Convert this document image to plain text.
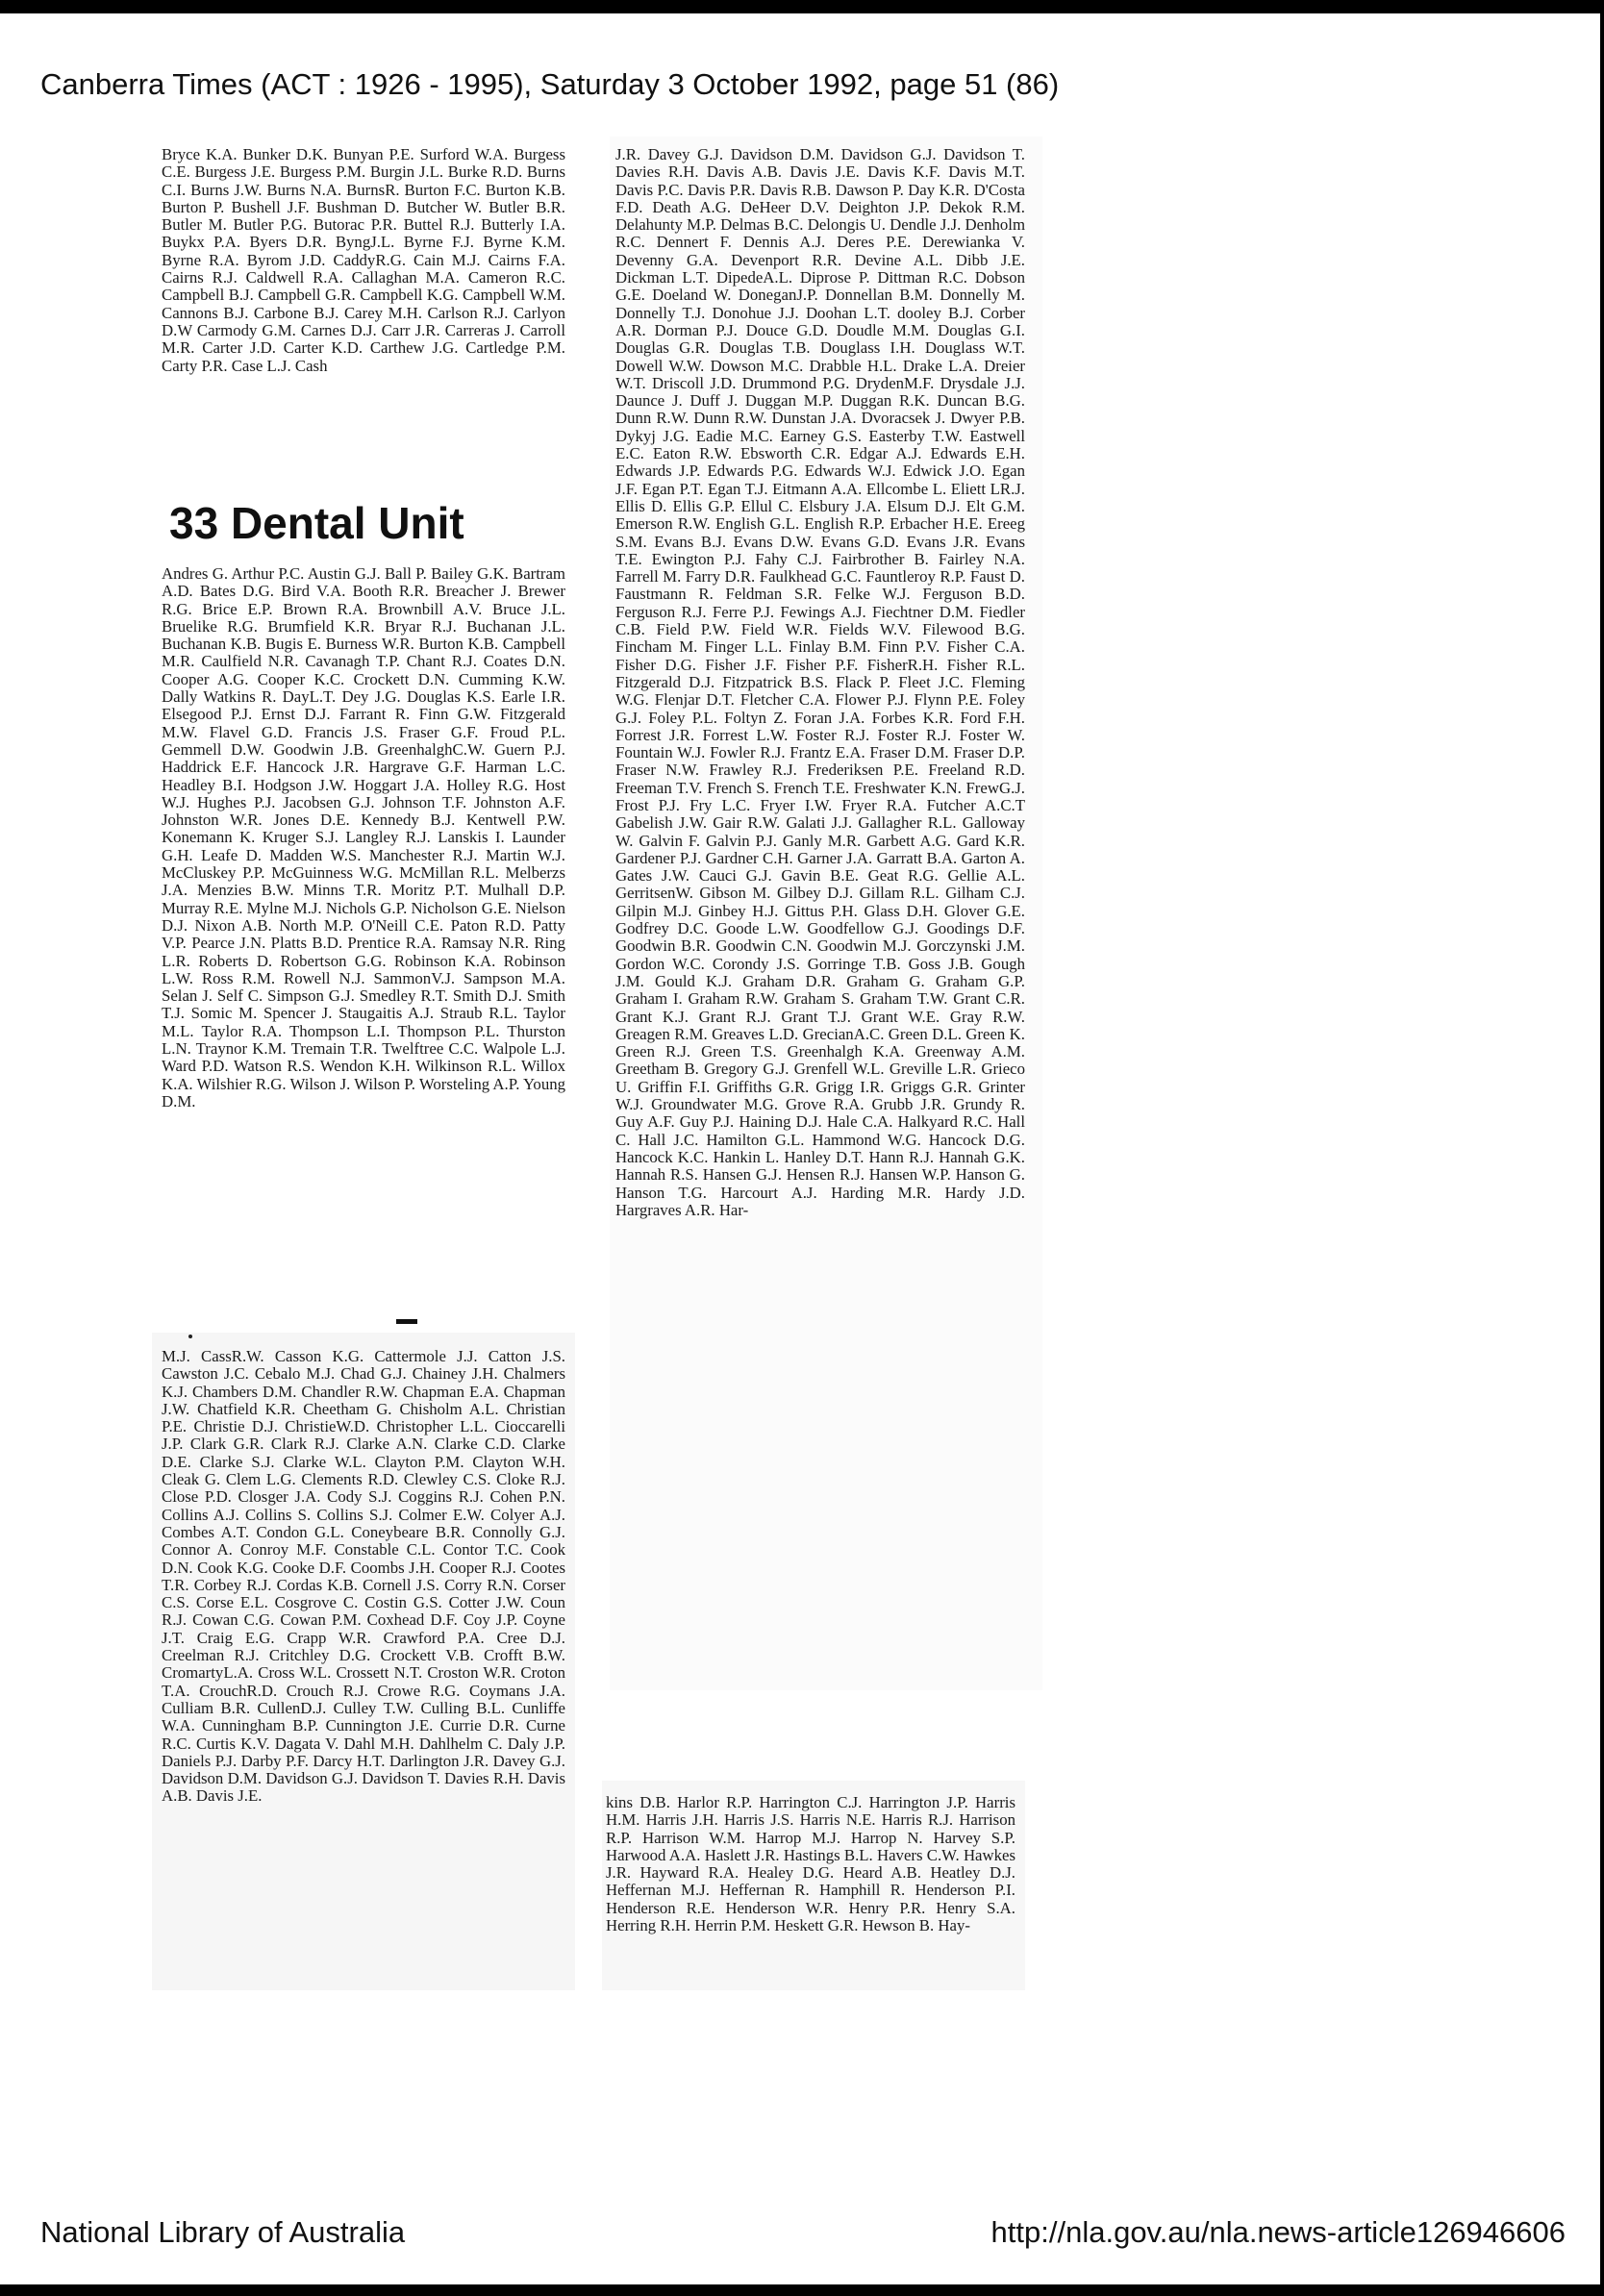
Canberra Times (ACT : 1926 - 1995), Saturday 3 October 1992, page 51 (86)

Bryce K.A. Bunker D.K. Bunyan P.E. Surford W.A. Burgess C.E. Burgess J.E. Burgess P.M. Burgin J.L. Burke R.D. Burns C.I. Burns J.W. Burns N.A. BurnsR. Burton F.C. Burton K.B. Burton P. Bushell J.F. Bushman D. Butcher W. Butler B.R. Butler M. Butler P.G. Butorac P.R. Buttel R.J. Butterly I.A. Buykx P.A. Byers D.R. ByngJ.L. Byrne F.J. Byrne K.M. Byrne R.A. Byrom J.D. CaddyR.G. Cain M.J. Cairns F.A. Cairns R.J. Caldwell R.A. Callaghan M.A. Cameron R.C. Campbell B.J. Campbell G.R. Campbell K.G. Campbell W.M. Cannons B.J. Carbone B.J. Carey M.H. Carlson R.J. Carlyon D.W Carmody G.M. Carnes D.J. Carr J.R. Carreras J. Carroll M.R. Carter J.D. Carter K.D. Carthew J.G. Cartledge P.M. Carty P.R. Case L.J. Cash

33 Dental Unit

Andres G. Arthur P.C. Austin G.J. Ball P. Bailey G.K. Bartram A.D. Bates D.G. Bird V.A. Booth R.R. Breacher J. Brewer R.G. Brice E.P. Brown R.A. Brownbill A.V. Bruce J.L. Bruelike R.G. Brumfield K.R. Bryar R.J. Buchanan J.L. Buchanan K.B. Bugis E. Burness W.R. Burton K.B. Campbell M.R. Caulfield N.R. Cavanagh T.P. Chant R.J. Coates D.N. Cooper A.G. Cooper K.C. Crockett D.N. Cumming K.W. Dally Watkins R. DayL.T. Dey J.G. Douglas K.S. Earle I.R. Elsegood P.J. Ernst D.J. Farrant R. Finn G.W. Fitzgerald M.W. Flavel G.D. Francis J.S. Fraser G.F. Froud P.L. Gemmell D.W. Goodwin J.B. GreenhalghC.W. Guern P.J. Haddrick E.F. Hancock J.R. Hargrave G.F. Harman L.C. Headley B.I. Hodgson J.W. Hoggart J.A. Holley R.G. Host W.J. Hughes P.J. Jacobsen G.J. Johnson T.F. Johnston A.F. Johnston W.R. Jones D.E. Kennedy B.J. Kentwell P.W. Konemann K. Kruger S.J. Langley R.J. Lanskis I. Launder G.H. Leafe D. Madden W.S. Manchester R.J. Martin W.J. McCluskey P.P. McGuinness W.G. McMillan R.L. Melberzs J.A. Menzies B.W. Minns T.R. Moritz P.T. Mulhall D.P. Murray R.E. Mylne M.J. Nichols G.P. Nicholson G.E. Nielson D.J. Nixon A.B. North M.P. O'Neill C.E. Paton R.D. Patty V.P. Pearce J.N. Platts B.D. Prentice R.A. Ramsay N.R. Ring L.R. Roberts D. Robertson G.G. Robinson K.A. Robinson L.W. Ross R.M. Rowell N.J. SammonV.J. Sampson M.A. Selan J. Self C. Simpson G.J. Smedley R.T. Smith D.J. Smith T.J. Somic M. Spencer J. Staugaitis A.J. Straub R.L. Taylor M.L. Taylor R.A. Thompson L.I. Thompson P.L. Thurston L.N. Traynor K.M. Tremain T.R. Twelftree C.C. Walpole L.J. Ward P.D. Watson R.S. Wendon K.H. Wilkinson R.L. Willox K.A. Wilshier R.G. Wilson J. Wilson P. Worsteling A.P. Young D.M.

M.J. CassR.W. Casson K.G. Cattermole J.J. Catton J.S. Cawston J.C. Cebalo M.J. Chad G.J. Chainey J.H. Chalmers K.J. Chambers D.M. Chandler R.W. Chapman E.A. Chapman J.W. Chatfield K.R. Cheetham G. Chisholm A.L. Christian P.E. Christie D.J. ChristieW.D. Christopher L.L. Cioccarelli J.P. Clark G.R. Clark R.J. Clarke A.N. Clarke C.D. Clarke D.E. Clarke S.J. Clarke W.L. Clayton P.M. Clayton W.H. Cleak G. Clem L.G. Clements R.D. Clewley C.S. Cloke R.J. Close P.D. Closger J.A. Cody S.J. Coggins R.J. Cohen P.N. Collins A.J. Collins S. Collins S.J. Colmer E.W. Colyer A.J. Combes A.T. Condon G.L. Coneybeare B.R. Connolly G.J. Connor A. Conroy M.F. Constable C.L. Contor T.C. Cook D.N. Cook K.G. Cooke D.F. Coombs J.H. Cooper R.J. Cootes T.R. Corbey R.J. Cordas K.B. Cornell J.S. Corry R.N. Corser C.S. Corse E.L. Cosgrove C. Costin G.S. Cotter J.W. Coun R.J. Cowan C.G. Cowan P.M. Coxhead D.F. Coy J.P. Coyne J.T. Craig E.G. Crapp W.R. Crawford P.A. Cree D.J. Creelman R.J. Critchley D.G. Crockett V.B. Crofft B.W. CromartyL.A. Cross W.L. Crossett N.T. Croston W.R. Croton T.A. CrouchR.D. Crouch R.J. Crowe R.G. Coymans J.A. Culliam B.R. CullenD.J. Culley T.W. Culling B.L. Cunliffe W.A. Cunningham B.P. Cunnington J.E. Currie D.R. Curne R.C. Curtis K.V. Dagata V. Dahl M.H. Dahlhelm C. Daly J.P. Daniels P.J. Darby P.F. Darcy H.T. Darlington J.R. Davey G.J. Davidson D.M. Davidson G.J. Davidson T. Davies R.H. Davis A.B. Davis J.E.

J.R. Davey G.J. Davidson D.M. Davidson G.J. Davidson T. Davies R.H. Davis A.B. Davis J.E. Davis K.F. Davis M.T. Davis P.C. Davis P.R. Davis R.B. Dawson P. Day K.R. D'Costa F.D. Death A.G. DeHeer D.V. Deighton J.P. Dekok R.M. Delahunty M.P. Delmas B.C. Delongis U. Dendle J.J. Denholm R.C. Dennert F. Dennis A.J. Deres P.E. Derewianka V. Devenny G.A. Devenport R.R. Devine A.L. Dibb J.E. Dickman L.T. DipedeA.L. Diprose P. Dittman R.C. Dobson G.E. Doeland W. DoneganJ.P. Donnellan B.M. Donnelly M. Donnelly T.J. Donohue J.J. Doohan L.T. dooley B.J. Corber A.R. Dorman P.J. Douce G.D. Doudle M.M. Douglas G.I. Douglas G.R. Douglas T.B. Douglass I.H. Douglass W.T. Dowell W.W. Dowson M.C. Drabble H.L. Drake L.A. Dreier W.T. Driscoll J.D. Drummond P.G. DrydenM.F. Drysdale J.J. Daunce J. Duff J. Duggan M.P. Duggan R.K. Duncan B.G. Dunn R.W. Dunn R.W. Dunstan J.A. Dvoracsek J. Dwyer P.B. Dykyj J.G. Eadie M.C. Earney G.S. Easterby T.W. Eastwell E.C. Eaton R.W. Ebsworth C.R. Edgar A.J. Edwards E.H. Edwards J.P. Edwards P.G. Edwards W.J. Edwick J.O. Egan J.F. Egan P.T. Egan T.J. Eitmann A.A. Ellcombe L. Eliett LR.J. Ellis D. Ellis G.P. Ellul C. Elsbury J.A. Elsum D.J. Elt G.M. Emerson R.W. English G.L. English R.P. Erbacher H.E. Ereeg S.M. Evans B.J. Evans D.W. Evans G.D. Evans J.R. Evans T.E. Ewington P.J. Fahy C.J. Fairbrother B. Fairley N.A. Farrell M. Farry D.R. Faulkhead G.C. Fauntleroy R.P. Faust D. Faustmann R. Feldman S.R. Felke W.J. Ferguson B.D. Ferguson R.J. Ferre P.J. Fewings A.J. Fiechtner D.M. Fiedler C.B. Field P.W. Field W.R. Fields W.V. Filewood B.G. Fincham M. Finger L.L. Finlay B.M. Finn P.V. Fisher C.A. Fisher D.G. Fisher J.F. Fisher P.F. FisherR.H. Fisher R.L. Fitzgerald D.J. Fitzpatrick B.S. Flack P. Fleet J.C. Fleming W.G. Flenjar D.T. Fletcher C.A. Flower P.J. Flynn P.E. Foley G.J. Foley P.L. Foltyn Z. Foran J.A. Forbes K.R. Ford F.H. Forrest J.R. Forrest L.W. Foster R.J. Foster R.J. Foster W. Fountain W.J. Fowler R.J. Frantz E.A. Fraser D.M. Fraser D.P. Fraser N.W. Frawley R.J. Frederiksen P.E. Freeland R.D. Freeman T.V. French S. French T.E. Freshwater K.N. FrewG.J. Frost P.J. Fry L.C. Fryer I.W. Fryer R.A. Futcher A.C.T Gabelish J.W. Gair R.W. Galati J.J. Gallagher R.L. Galloway W. Galvin F. Galvin P.J. Ganly M.R. Garbett A.G. Gard K.R. Gardener P.J. Gardner C.H. Garner J.A. Garratt B.A. Garton A. Gates J.W. Cauci G.J. Gavin B.E. Geat R.G. Gellie A.L. GerritsenW. Gibson M. Gilbey D.J. Gillam R.L. Gilham C.J. Gilpin M.J. Ginbey H.J. Gittus P.H. Glass D.H. Glover G.E. Godfrey D.C. Goode L.W. Goodfellow G.J. Goodings D.F. Goodwin B.R. Goodwin C.N. Goodwin M.J. Gorczynski J.M. Gordon W.C. Corondy J.S. Gorringe T.B. Goss J.B. Gough J.M. Gould K.J. Graham D.R. Graham G. Graham G.P. Graham I. Graham R.W. Graham S. Graham T.W. Grant C.R. Grant K.J. Grant R.J. Grant T.J. Grant W.E. Gray R.W. Greagen R.M. Greaves L.D. GrecianA.C. Green D.L. Green K. Green R.J. Green T.S. Greenhalgh K.A. Greenway A.M. Greetham B. Gregory G.J. Grenfell W.L. Greville L.R. Grieco U. Griffin F.I. Griffiths G.R. Grigg I.R. Griggs G.R. Grinter W.J. Groundwater M.G. Grove R.A. Grubb J.R. Grundy R. Guy A.F. Guy P.J. Haining D.J. Hale C.A. Halkyard R.C. Hall C. Hall J.C. Hamilton G.L. Hammond W.G. Hancock D.G. Hancock K.C. Hankin L. Hanley D.T. Hann R.J. Hannah G.K. Hannah R.S. Hansen G.J. Hensen R.J. Hansen W.P. Hanson G. Hanson T.G. Harcourt A.J. Harding M.R. Hardy J.D. Hargraves A.R. Har-

kins D.B. Harlor R.P. Harrington C.J. Harrington J.P. Harris H.M. Harris J.H. Harris J.S. Harris N.E. Harris R.J. Harrison R.P. Harrison W.M. Harrop M.J. Harrop N. Harvey S.P. Harwood A.A. Haslett J.R. Hastings B.L. Havers C.W. Hawkes J.R. Hayward R.A. Healey D.G. Heard A.B. Heatley D.J. Heffernan M.J. Heffernan R. Hamphill R. Henderson P.I. Henderson R.E. Henderson W.R. Henry P.R. Henry S.A. Herring R.H. Herrin P.M. Heskett G.R. Hewson B. Hay-

National Library of Australia	http://nla.gov.au/nla.news-article126946606
